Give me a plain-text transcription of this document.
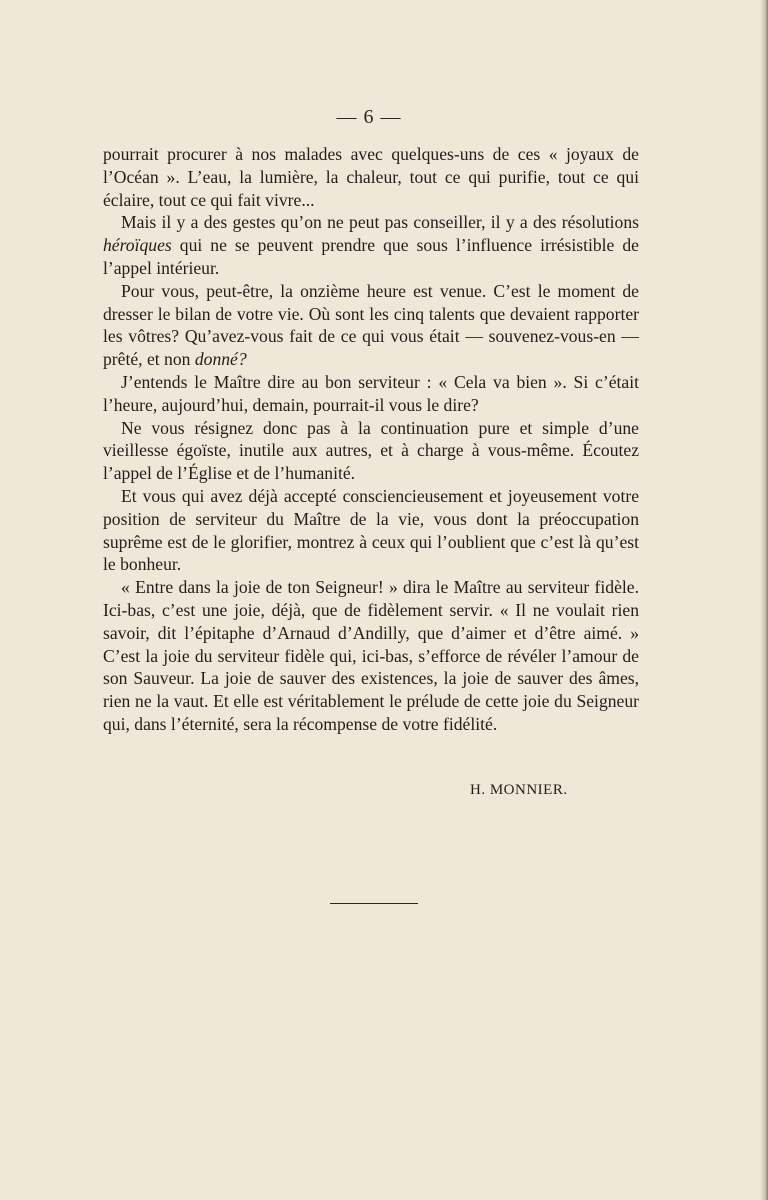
— 6 —

pourrait procurer à nos malades avec quelques-uns de ces « joyaux de l’Océan ». L’eau, la lumière, la chaleur, tout ce qui purifie, tout ce qui éclaire, tout ce qui fait vivre...

Mais il y a des gestes qu’on ne peut pas conseiller, il y a des résolutions héroïques qui ne se peuvent prendre que sous l’influence irrésistible de l’appel intérieur.

Pour vous, peut-être, la onzième heure est venue. C’est le moment de dresser le bilan de votre vie. Où sont les cinq talents que devaient rapporter les vôtres? Qu’avez-vous fait de ce qui vous était — souvenez-vous-en — prêté, et non donné?

J’entends le Maître dire au bon serviteur : « Cela va bien ». Si c’était l’heure, aujourd’hui, demain, pourrait-il vous le dire?

Ne vous résignez donc pas à la continuation pure et simple d’une vieillesse égoïste, inutile aux autres, et à charge à vous-même. Écoutez l’appel de l’Église et de l’humanité.

Et vous qui avez déjà accepté consciencieusement et joyeusement votre position de serviteur du Maître de la vie, vous dont la préoccupation suprême est de le glorifier, montrez à ceux qui l’oublient que c’est là qu’est le bonheur.

« Entre dans la joie de ton Seigneur! » dira le Maître au serviteur fidèle. Ici-bas, c’est une joie, déjà, que de fidèlement servir. « Il ne voulait rien savoir, dit l’épitaphe d’Arnaud d’Andilly, que d’aimer et d’être aimé. » C’est la joie du serviteur fidèle qui, ici-bas, s’efforce de révéler l’amour de son Sauveur. La joie de sauver des existences, la joie de sauver des âmes, rien ne la vaut. Et elle est véritablement le prélude de cette joie du Seigneur qui, dans l’éternité, sera la récompense de votre fidélité.

H. MONNIER.
